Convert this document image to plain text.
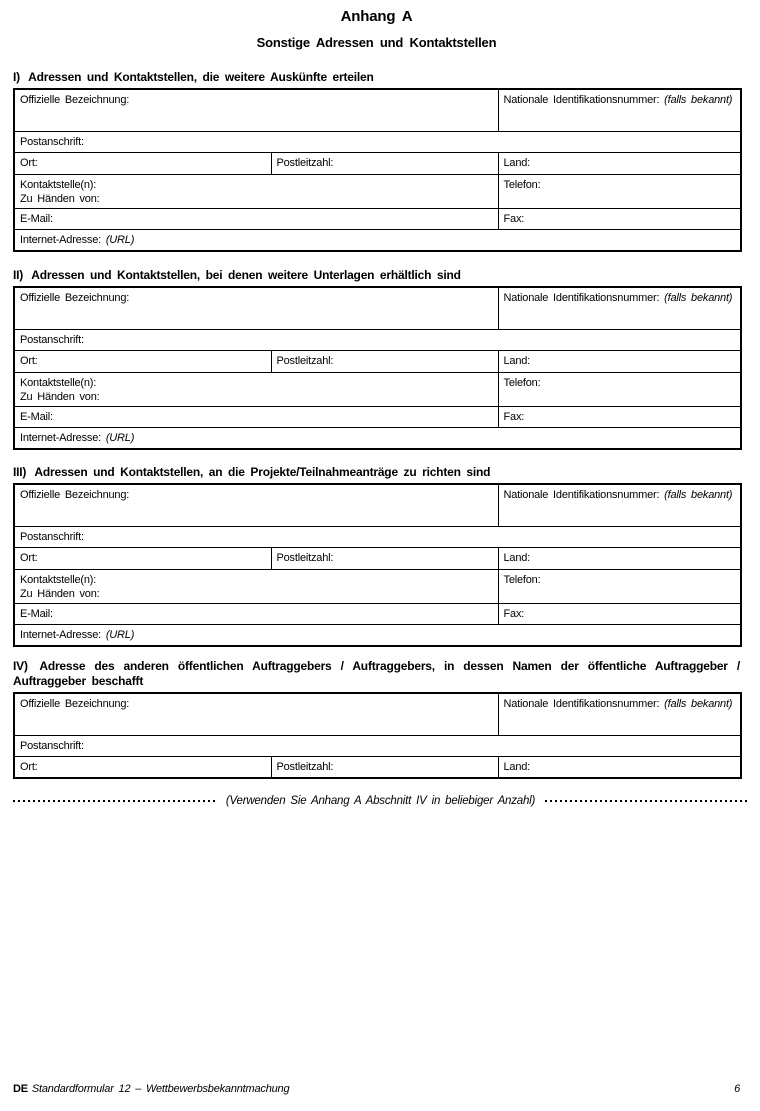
Anhang A
Sonstige Adressen und Kontaktstellen
I) Adressen und Kontaktstellen, die weitere Auskünfte erteilen
Offizielle Bezeichnung:		Nationale Identifikationsnummer: (falls bekannt)
Postanschrift:		
Ort:	Postleitzahl:	Land:

Kontaktstelle(n):
Zu Händen von:		Telefon:
E-Mail:		Fax:
Internet-Adresse: (URL)		
II) Adressen und Kontaktstellen, bei denen weitere Unterlagen erhältlich sind
Offizielle Bezeichnung:		Nationale Identifikationsnummer: (falls bekannt)
Postanschrift:		
Ort:	Postleitzahl:	Land:

Kontaktstelle(n):
Zu Händen von:		Telefon:
E-Mail:		Fax:
Internet-Adresse: (URL)		
III) Adressen und Kontaktstellen, an die Projekte/Teilnahmeanträge zu richten sind
Offizielle Bezeichnung:		Nationale Identifikationsnummer: (falls bekannt)
Postanschrift:		
Ort:	Postleitzahl:	Land:

Kontaktstelle(n):
Zu Händen von:		Telefon:
E-Mail:		Fax:
Internet-Adresse: (URL)		
IV) Adresse des anderen öffentlichen Auftraggebers / Auftraggebers, in dessen Namen der öffentliche Auftraggeber / Auftraggeber beschafft
Offizielle Bezeichnung:		Nationale Identifikationsnummer: (falls bekannt)
Postanschrift:		
Ort:	Postleitzahl:	Land:
(Verwenden Sie Anhang A Abschnitt IV in beliebiger Anzahl)
DE Standardformular 12 – Wettbewerbsbekanntmachung	6
